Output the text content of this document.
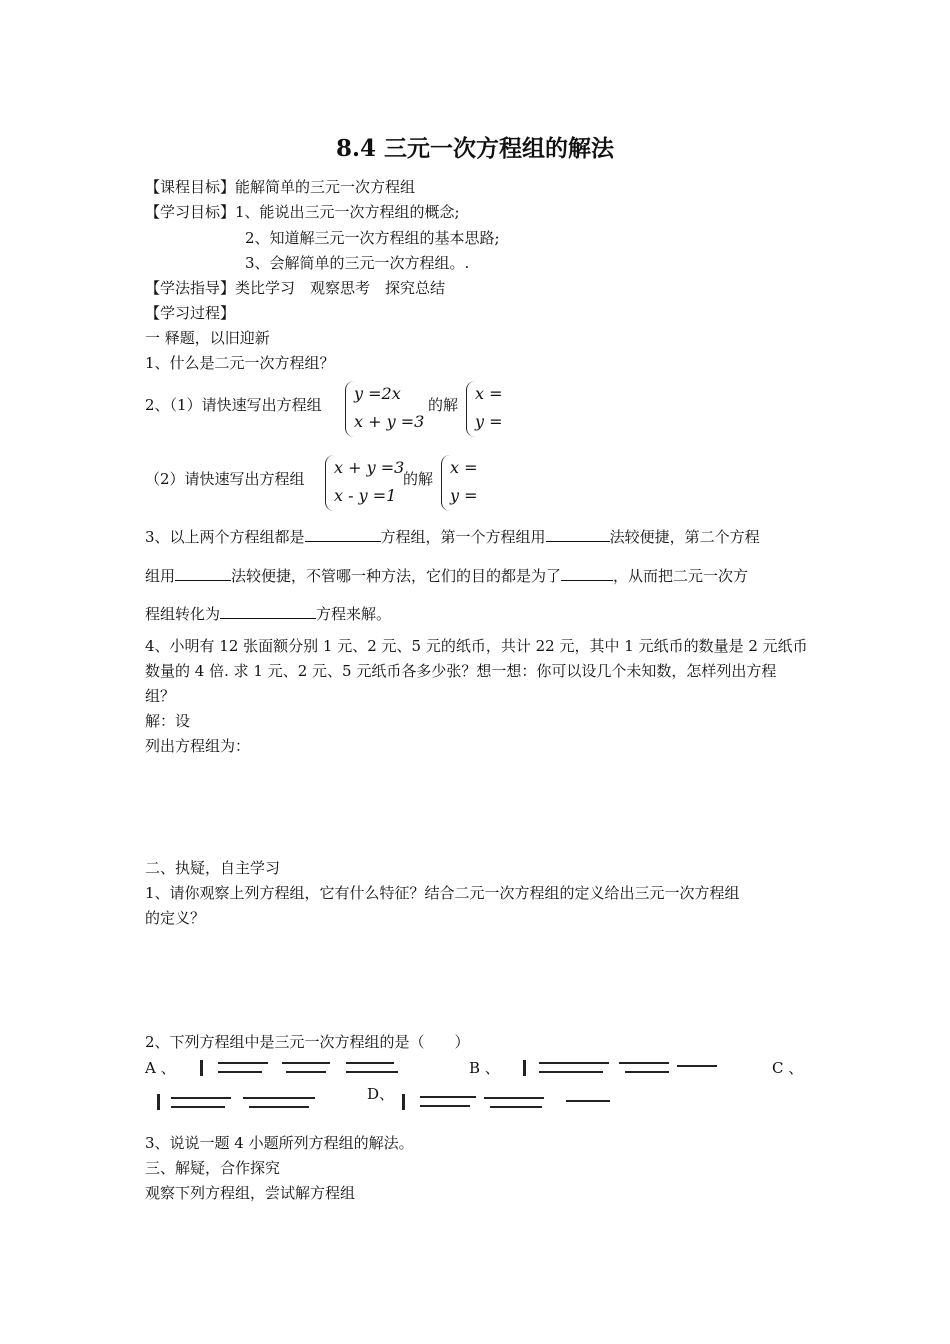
8.4 三元一次方程组的解法
【课程目标】能解简单的三元一次方程组
【学习目标】1、能说出三元一次方程组的概念;
2、知道解三元一次方程组的基本思路;
3、会解简单的三元一次方程组。.
【学法指导】类比学习　观察思考　探究总结
【学习过程】
一 释题，以旧迎新
1、什么是二元一次方程组？
2、（1）请快速写出方程组
y =2x
x + y =3
的解
x =
y =
（2）请快速写出方程组
x + y =3
x - y =1
的解
x =
y =
3、以上两个方程组都是	方程组，第一个方程组用	法较便捷，第二个方程
组用	法较便捷，不管哪一种方法，它们的目的都是为了	，从而把二元一次方
程组转化为	方程来解。
4、小明有 12 张面额分别 1 元、2 元、5 元的纸币，共计 22 元，其中 1 元纸币的数量是 2 元纸币
数量的 4 倍. 求 1 元、2 元、5 元纸币各多少张？想一想：你可以设几个未知数，怎样列出方程
组？
解：设
列出方程组为：
二、执疑，自主学习
1、请你观察上列方程组，它有什么特征？结合二元一次方程组的定义给出三元一次方程组
的定义？
2、下列方程组中是三元一次方程组的是（　　）
A 、	B 、	C 、
D、
3、说说一题 4 小题所列方程组的解法。
三、解疑，合作探究
观察下列方程组，尝试解方程组
